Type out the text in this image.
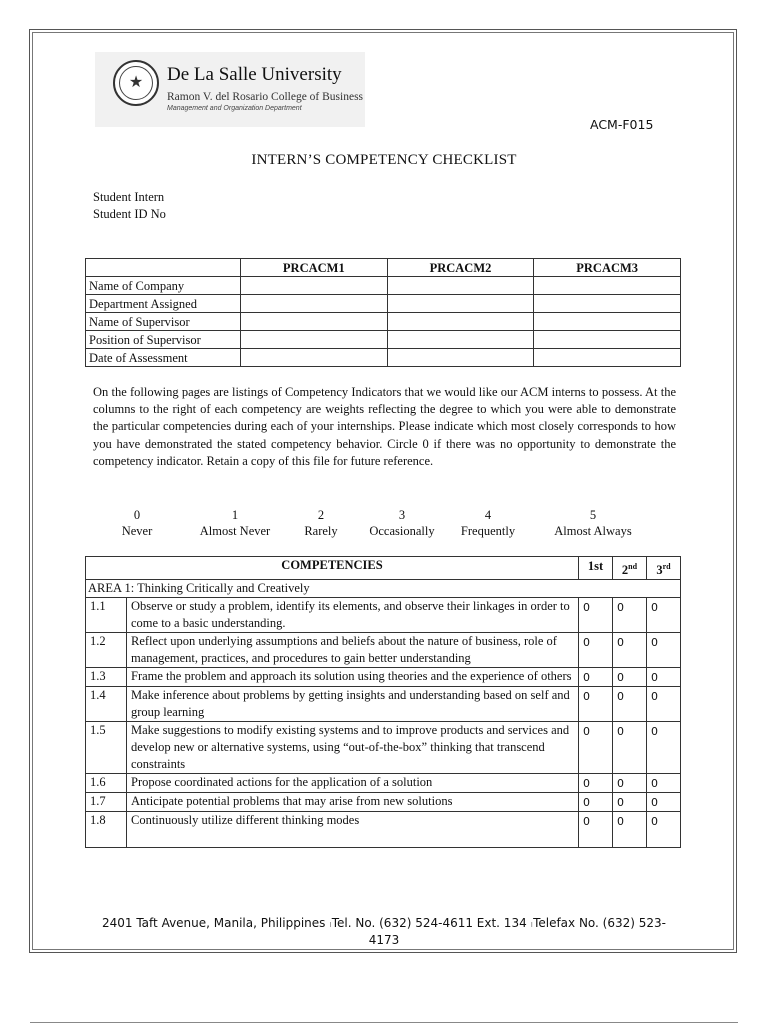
★
De La Salle University
Ramon V. del Rosario College of Business
Management and Organization Department
ACM-F015
INTERN’S COMPETENCY CHECKLIST
Student Intern
Student ID No
	PRCACM1	PRCACM2	PRCACM3
Name of Company			
Department Assigned			
Name of Supervisor			
Position of Supervisor			
Date of Assessment			
On the following pages are listings of Competency Indicators that we would like our ACM interns to possess. At the columns to the right of each competency are weights reflecting the degree to which you were able to demonstrate the particular competencies during each of your internships. Please indicate which most closely corresponds to how you have demonstrated the stated competency behavior. Circle 0 if there was no opportunity to demonstrate the competency indicator. Retain a copy of this file for future reference.
0
Never
1
Almost Never
2
Rarely
3
Occasionally
4
Frequently
5
Almost Always
COMPETENCIES		1st	2nd	3rd
AREA 1: Thinking Critically and Creatively				
1.1	Observe or study a problem, identify its elements, and observe their linkages in order to come to a basic understanding.	0	0	0
1.2	Reflect upon underlying assumptions and beliefs about the nature of business, role of management, practices, and procedures to gain better understanding	0	0	0
1.3	Frame the problem and approach its solution using theories and the experience of others	0	0	0
1.4	Make inference about problems by getting insights and understanding based on self and group learning	0	0	0
1.5	Make suggestions to modify existing systems and to improve products and services and develop new or alternative systems, using “out-of-the-box” thinking that transcend constraints	0	0	0
1.6	Propose coordinated actions for the application of a solution	0	0	0
1.7	Anticipate potential problems that may arise from new solutions	0	0	0
1.8	Continuously utilize different thinking modes	0	0	0
2401 Taft Avenue, Manila, Philippines ıTel. No. (632) 524-4611 Ext. 134 ıTelefax No. (632) 523-4173
